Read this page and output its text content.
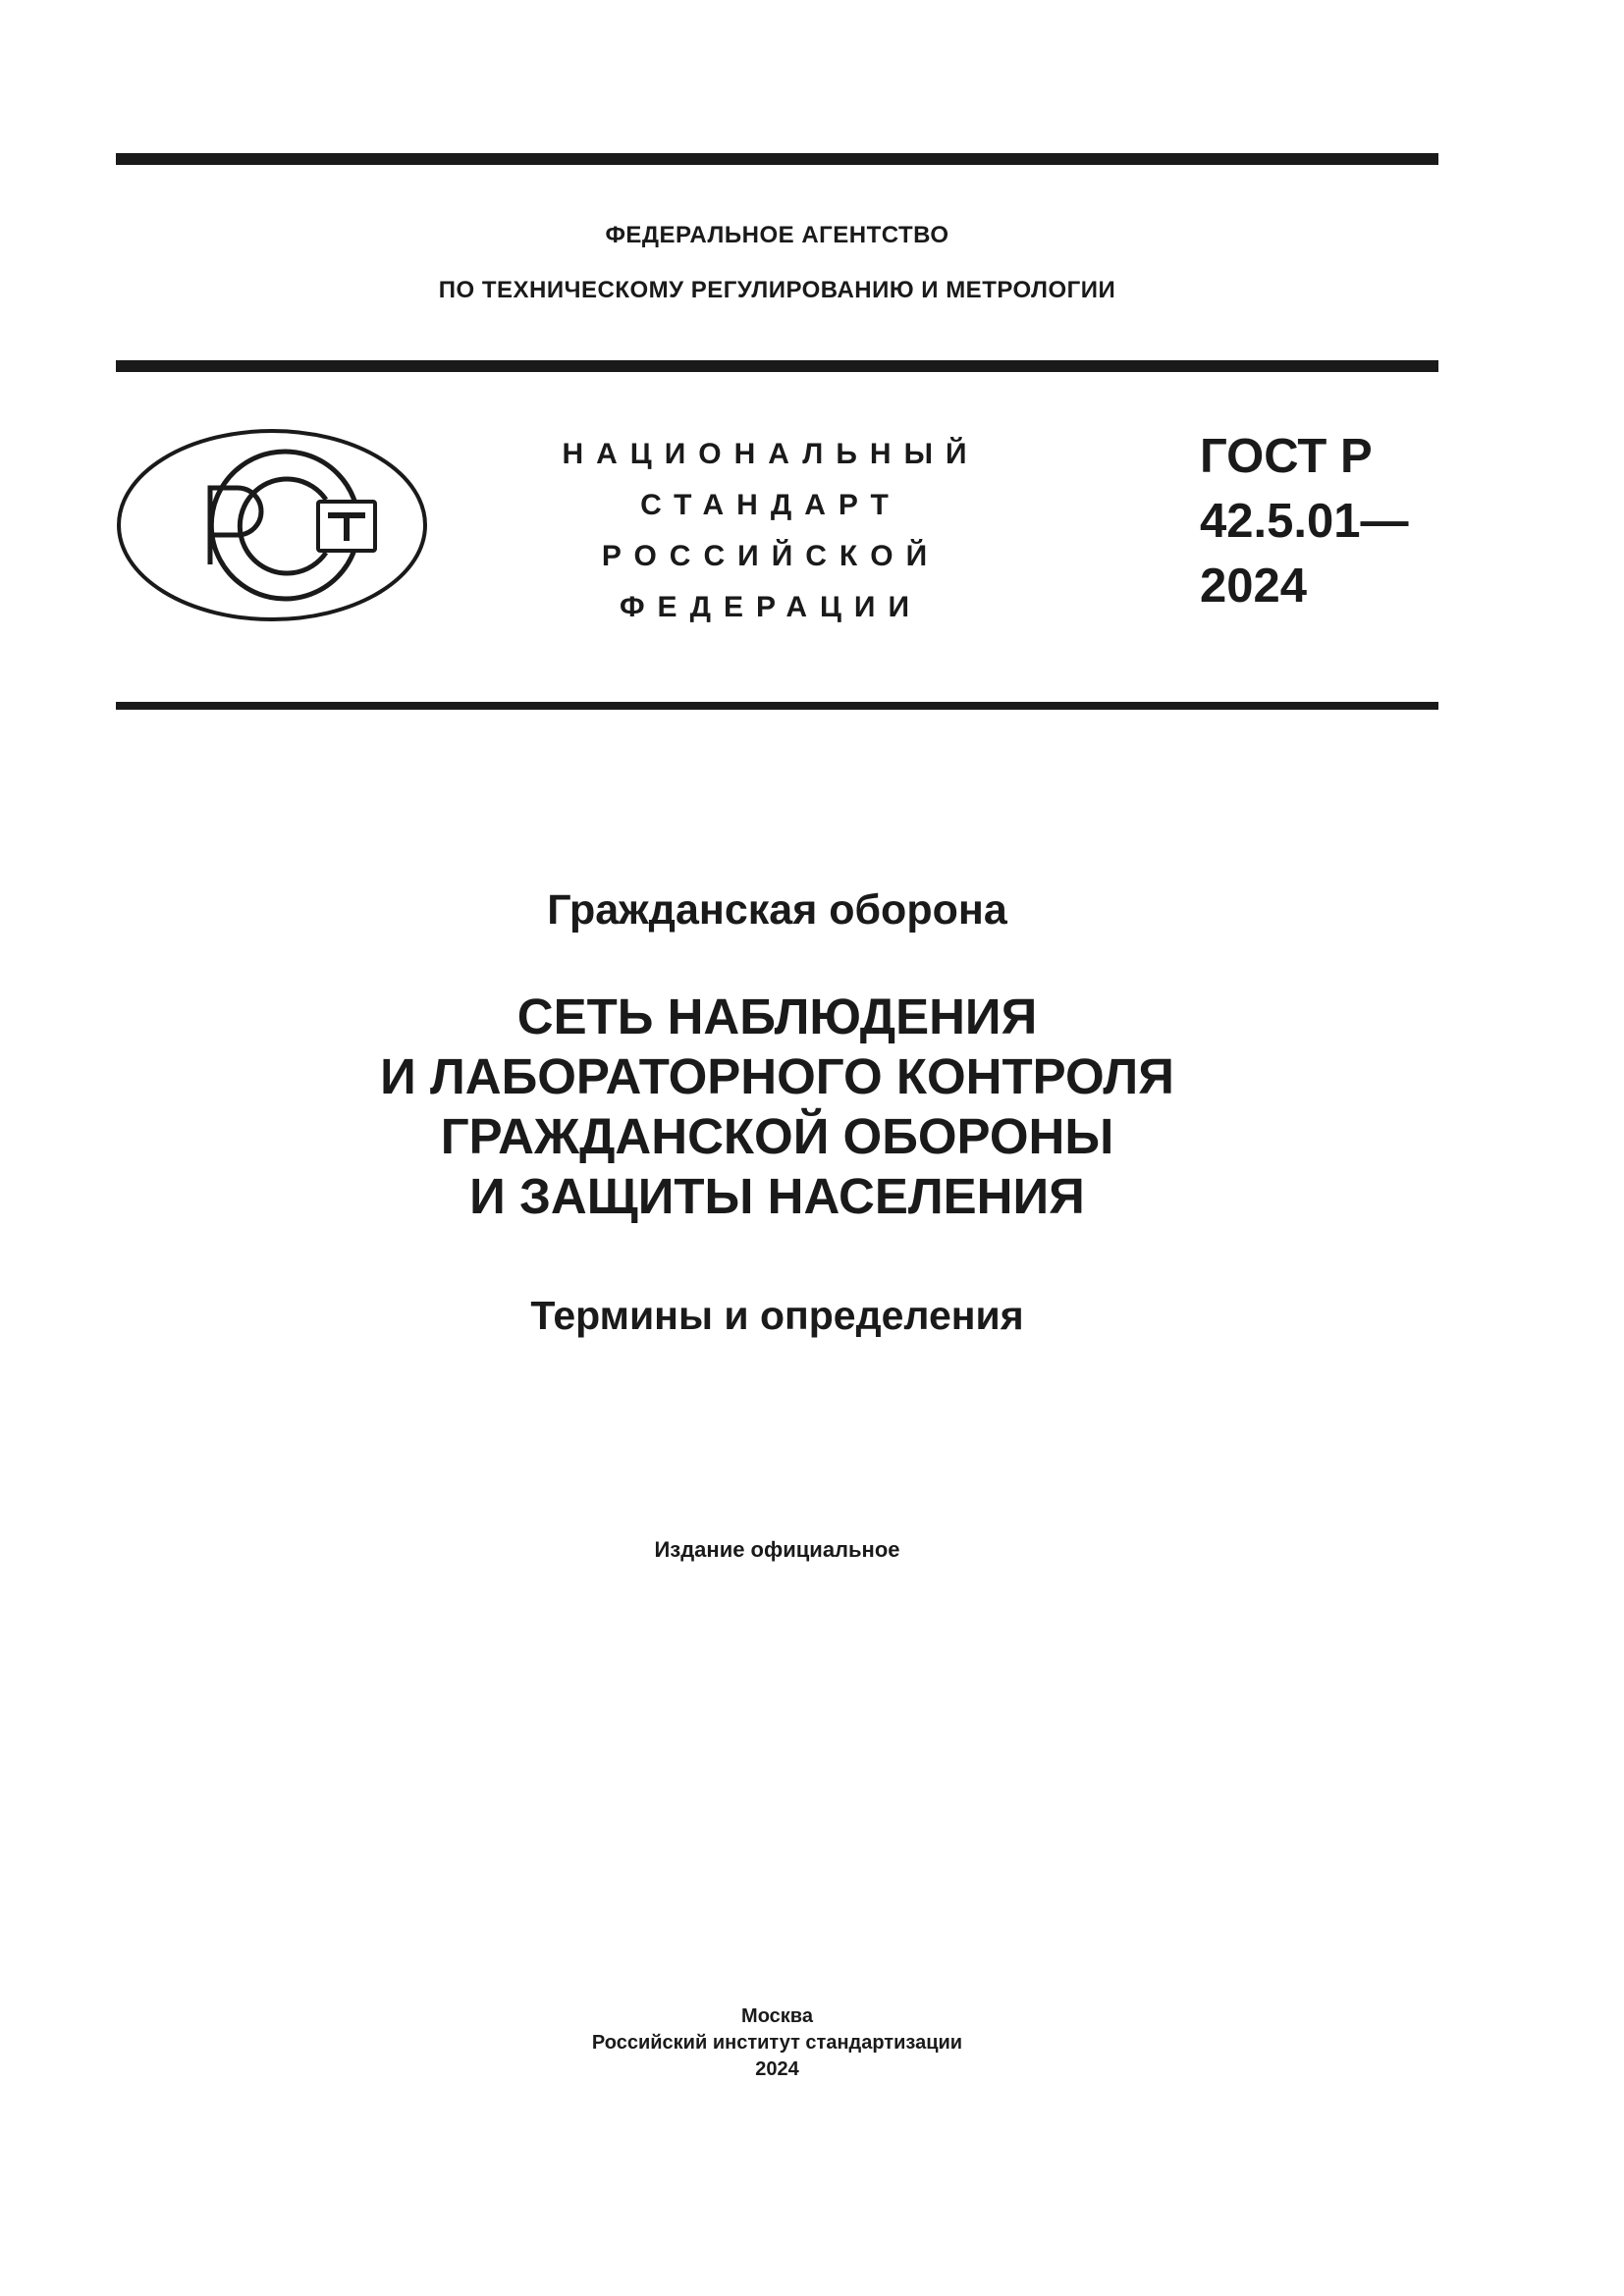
ФЕДЕРАЛЬНОЕ АГЕНТСТВО
ПО ТЕХНИЧЕСКОМУ РЕГУЛИРОВАНИЮ И МЕТРОЛОГИИ
НАЦИОНАЛЬНЫЙ
СТАНДАРТ
РОССИЙСКОЙ
ФЕДЕРАЦИИ
ГОСТ Р
42.5.01—
2024
Гражданская оборона
СЕТЬ НАБЛЮДЕНИЯ
И ЛАБОРАТОРНОГО КОНТРОЛЯ
ГРАЖДАНСКОЙ ОБОРОНЫ
И ЗАЩИТЫ НАСЕЛЕНИЯ
Термины и определения
Издание официальное
Москва
Российский институт стандартизации
2024
